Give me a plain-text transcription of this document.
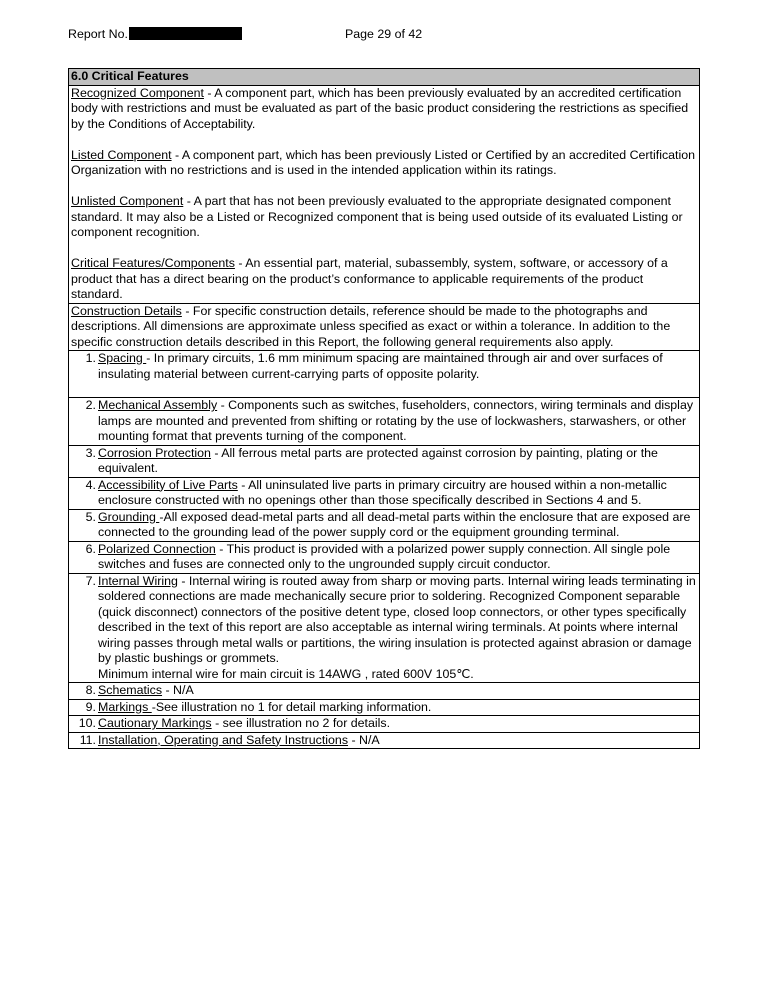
Report No.	Page 29 of 42
6.0 Critical Features

Recognized Component - A component part, which has been previously evaluated by an accredited certification body with restrictions and must be evaluated as part of the basic product considering the restrictions as specified by the Conditions of Acceptability.

Listed Component - A component part, which has been previously Listed or Certified by an accredited Certification Organization with no restrictions and is used in the intended application within its ratings.

Unlisted Component - A part that has not been previously evaluated to the appropriate designated component standard. It may also be a Listed or Recognized component that is being used outside of its evaluated Listing or component recognition.

Critical Features/Components - An essential part, material, subassembly, system, software, or accessory of a product that has a direct bearing on the product’s conformance to applicable requirements of the product standard.

Construction Details - For specific construction details, reference should be made to the photographs and descriptions. All dimensions are approximate unless specified as exact or within a tolerance. In addition to the specific construction details described in this Report, the following general requirements also apply.

1. Spacing - In primary circuits, 1.6 mm minimum spacing are maintained through air and over surfaces of insulating material between current-carrying parts of opposite polarity.

2. Mechanical Assembly - Components such as switches, fuseholders, connectors, wiring terminals and display lamps are mounted and prevented from shifting or rotating by the use of lockwashers, starwashers, or other mounting format that prevents turning of the component.

3. Corrosion Protection - All ferrous metal parts are protected against corrosion by painting, plating or the equivalent.

4. Accessibility of Live Parts - All uninsulated live parts in primary circuitry are housed within a non-metallic enclosure constructed with no openings other than those specifically described in Sections 4 and 5.

5. Grounding -All exposed dead-metal parts and all dead-metal parts within the enclosure that are exposed are connected to the grounding lead of the power supply cord or the equipment grounding terminal.

6. Polarized Connection - This product is provided with a polarized power supply connection. All single pole switches and fuses are connected only to the ungrounded supply circuit conductor.

7. Internal Wiring - Internal wiring is routed away from sharp or moving parts. Internal wiring leads terminating in soldered connections are made mechanically secure prior to soldering. Recognized Component separable (quick disconnect) connectors of the positive detent type, closed loop connectors, or other types specifically described in the text of this report are also acceptable as internal wiring terminals. At points where internal wiring passes through metal walls or partitions, the wiring insulation is protected against abrasion or damage by plastic bushings or grommets.
Minimum internal wire for main circuit is 14AWG , rated 600V 105℃.

8. Schematics - N/A

9. Markings -See illustration no 1 for detail marking information.

10. Cautionary Markings - see illustration no 2 for details.

11. Installation, Operating and Safety Instructions - N/A
